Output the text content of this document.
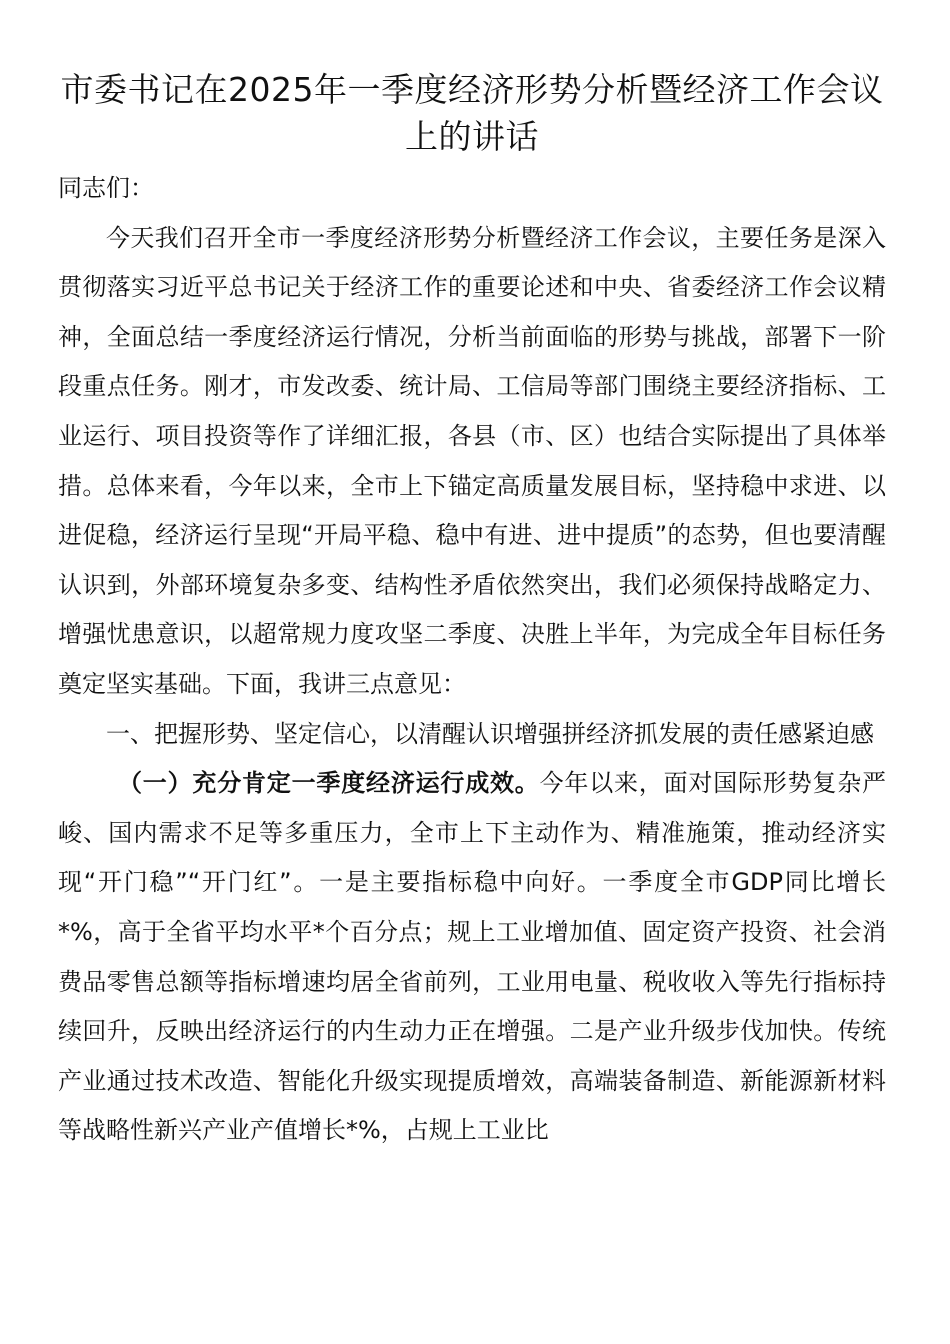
市委书记在2025年一季度经济形势分析暨经济工作会议上的讲话

同志们：

今天我们召开全市一季度经济形势分析暨经济工作会议，主要任务是深入贯彻落实习近平总书记关于经济工作的重要论述和中央、省委经济工作会议精神，全面总结一季度经济运行情况，分析当前面临的形势与挑战，部署下一阶段重点任务。刚才，市发改委、统计局、工信局等部门围绕主要经济指标、工业运行、项目投资等作了详细汇报，各县（市、区）也结合实际提出了具体举措。总体来看，今年以来，全市上下锚定高质量发展目标，坚持稳中求进、以进促稳，经济运行呈现“开局平稳、稳中有进、进中提质”的态势，但也要清醒认识到，外部环境复杂多变、结构性矛盾依然突出，我们必须保持战略定力、增强忧患意识，以超常规力度攻坚二季度、决胜上半年，为完成全年目标任务奠定坚实基础。下面，我讲三点意见：

一、把握形势、坚定信心，以清醒认识增强拼经济抓发展的责任感紧迫感

（一）充分肯定一季度经济运行成效。今年以来，面对国际形势复杂严峻、国内需求不足等多重压力，全市上下主动作为、精准施策，推动经济实现“开门稳”“开门红”。一是主要指标稳中向好。一季度全市GDP同比增长*%，高于全省平均水平*个百分点；规上工业增加值、固定资产投资、社会消费品零售总额等指标增速均居全省前列，工业用电量、税收收入等先行指标持续回升，反映出经济运行的内生动力正在增强。二是产业升级步伐加快。传统产业通过技术改造、智能化升级实现提质增效，高端装备制造、新能源新材料等战略性新兴产业产值增长*%，占规上工业比
